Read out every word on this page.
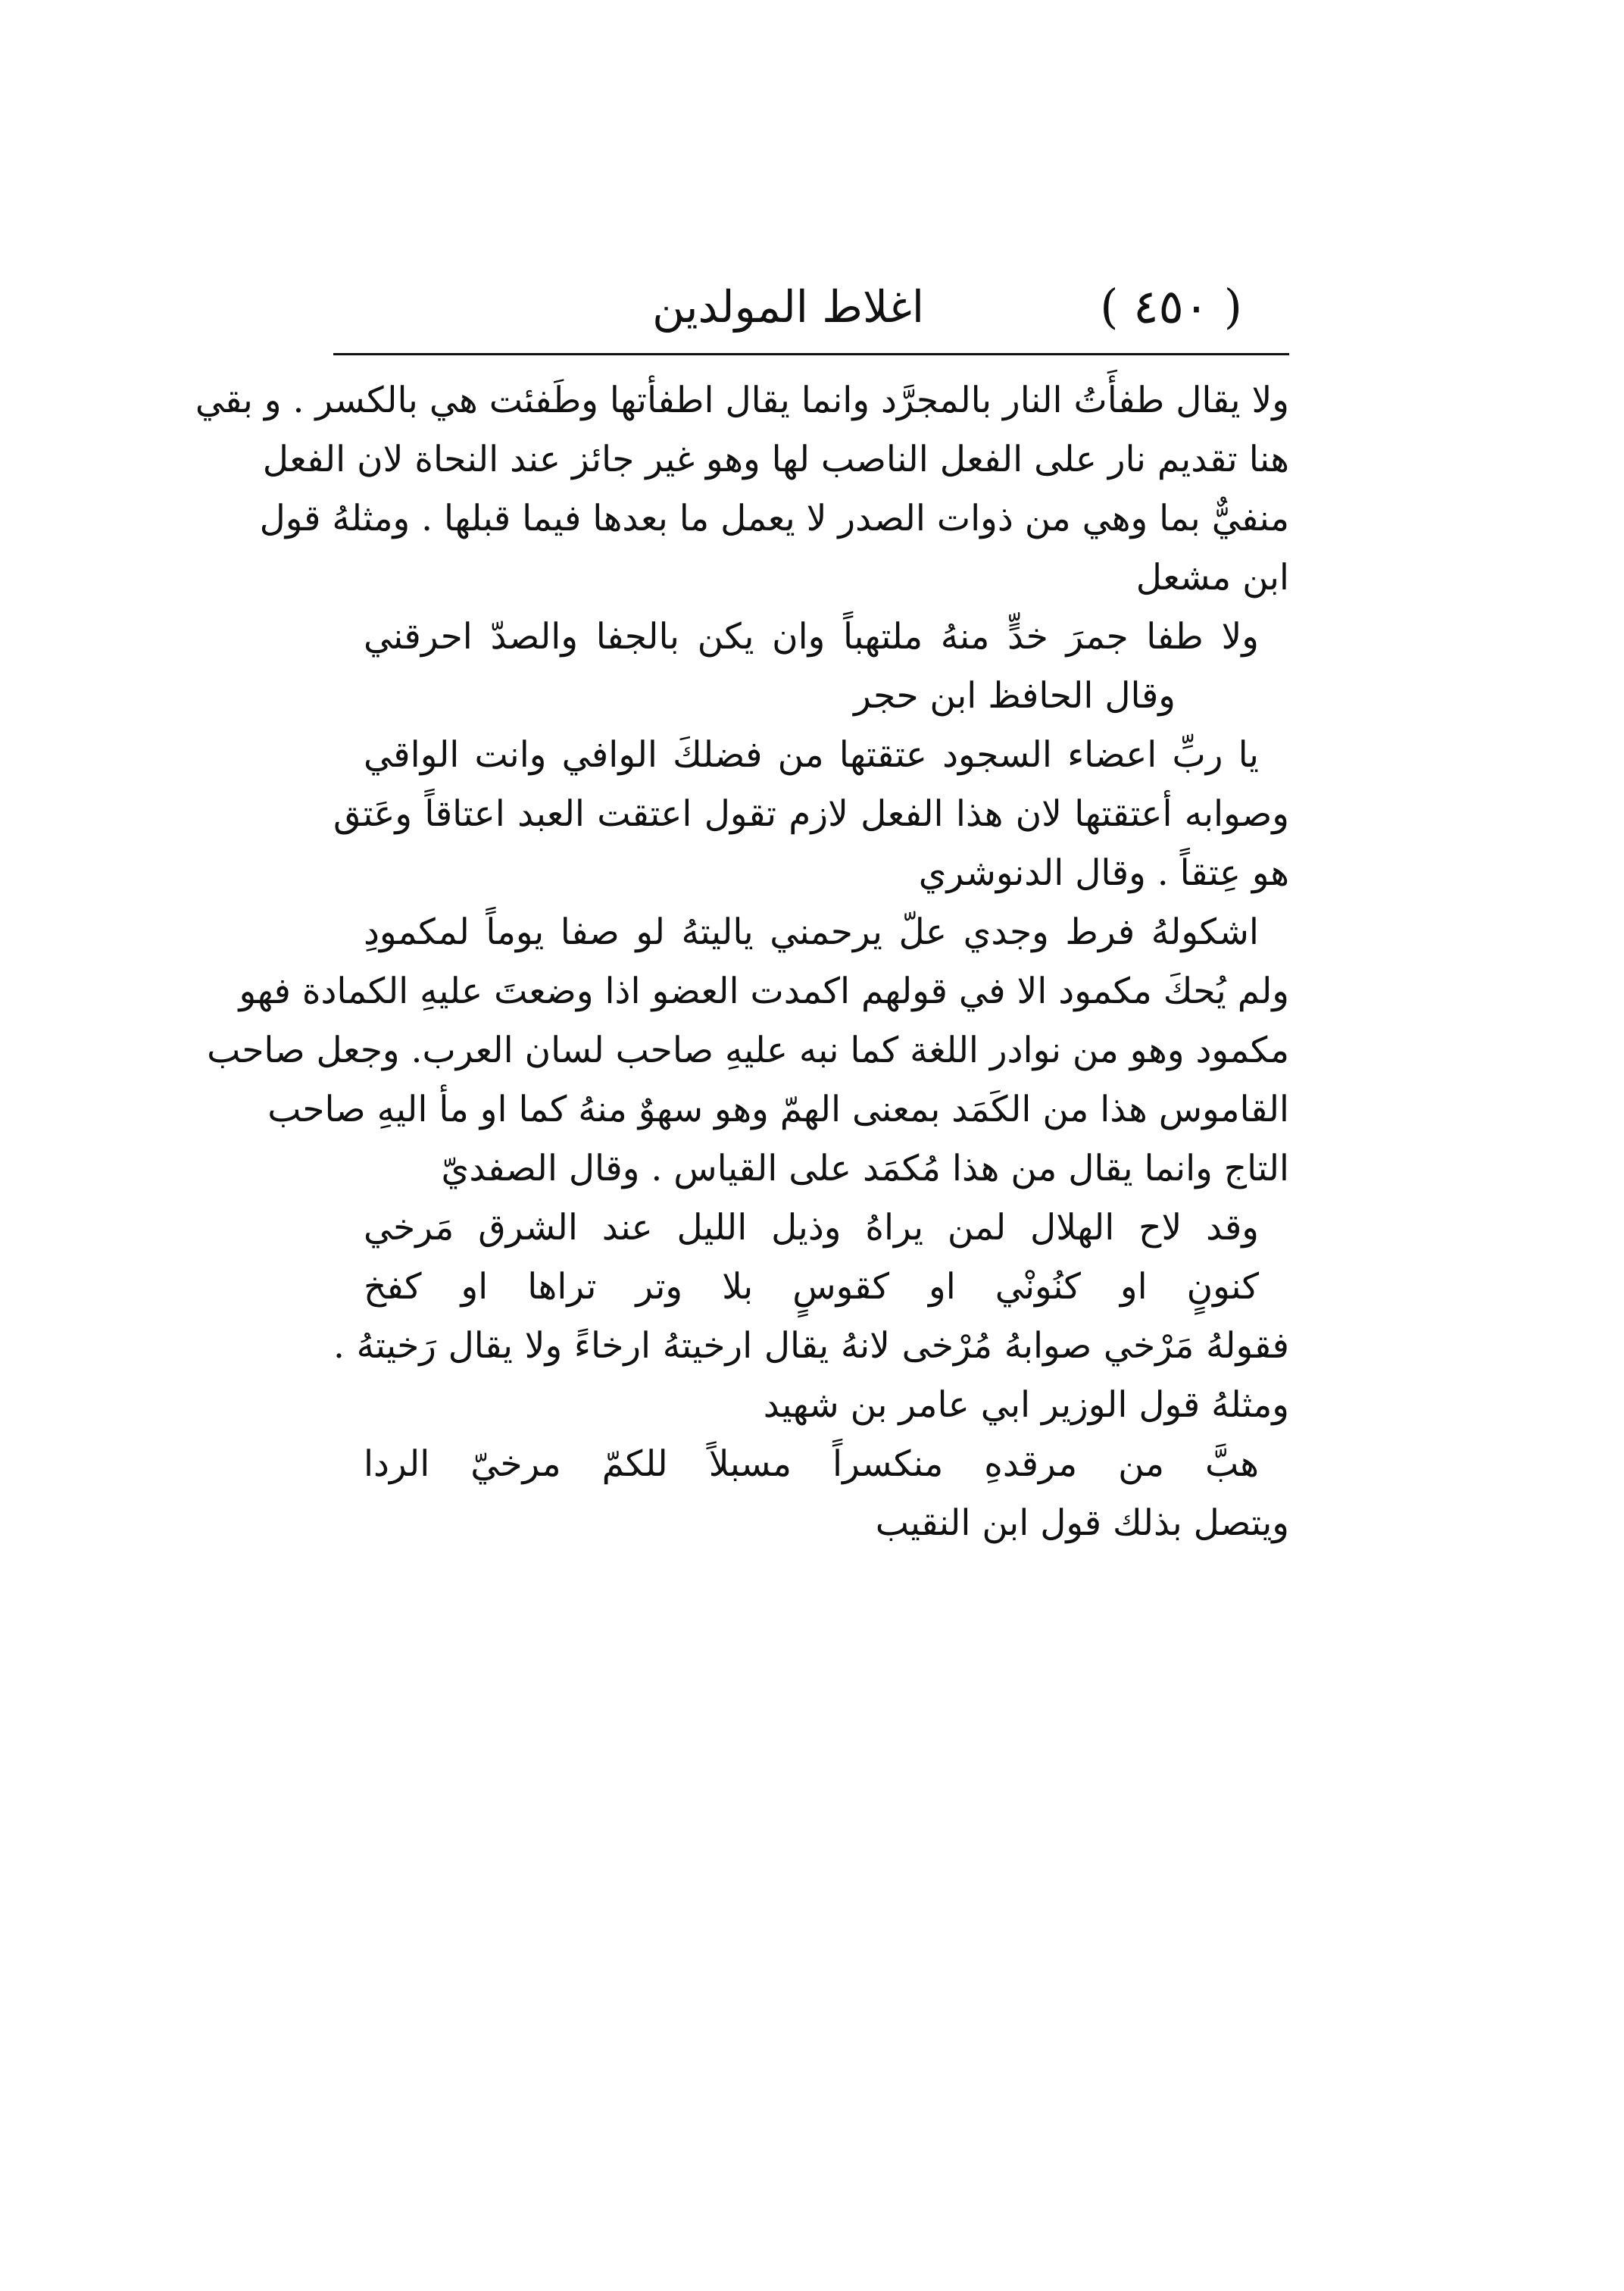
( ٤٥٠ )
اغلاط المولدين
ولا يقال طفأَتُ النار بالمجرَّد وانما يقال اطفأتها وطَفئت هي بالكسر . و بقي
هنا تقديم نار على الفعل الناصب لها وهو غير جائز عند النحاة لان الفعل
منفيٌّ بما وهي من ذوات الصدر لا يعمل ما بعدها فيما قبلها . ومثلهُ قول
ابن مشعل
ولا طفا جمرَ خدٍّ منهُ ملتهباً وان يكن بالجفا والصدّ احرقني
وقال الحافظ ابن حجر
يا ربِّ اعضاء السجود عتقتها من فضلكَ الوافي وانت الواقي
وصوابه أعتقتها لان هذا الفعل لازم تقول اعتقت العبد اعتاقاً وعَتق
هو عِتقاً . وقال الدنوشري
اشكولهُ فرط وجدي علّ يرحمني ياليتهُ لو صفا يوماً لمكمودِ
ولم يُحكَ مكمود الا في قولهم اكمدت العضو اذا وضعتَ عليهِ الكمادة فهو
مكمود وهو من نوادر اللغة كما نبه عليهِ صاحب لسان العرب. وجعل صاحب
القاموس هذا من الكَمَد بمعنى الهمّ وهو سهوٌ منهُ كما او مأ اليهِ صاحب
التاج وانما يقال من هذا مُكمَد على القياس . وقال الصفديّ
وقد لاح الهلال لمن يراهُ وذيل الليل عند الشرق مَرخي
كنونٍ او كنُونْي او كقوسٍ بلا وتر تراها او كفخ
فقولهُ مَرْخي صوابهُ مُرْخى لانهُ يقال ارخيتهُ ارخاءً ولا يقال رَخيتهُ .
ومثلهُ قول الوزير ابي عامر بن شهيد
هبَّ من مرقدهِ منكسراً مسبلاً للكمّ مرخيّ الردا
ويتصل بذلك قول ابن النقيب
